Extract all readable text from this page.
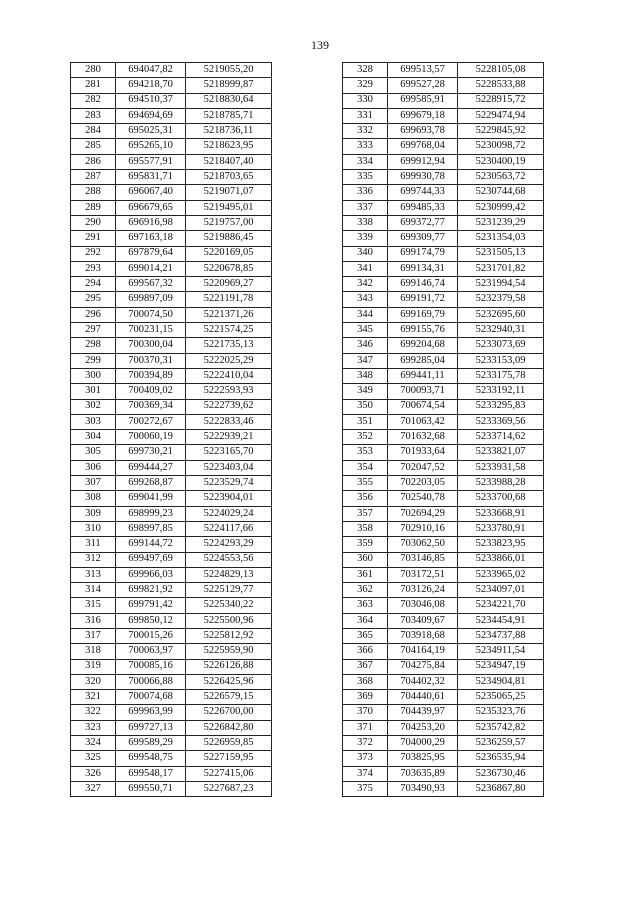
139
280	694047,82	5219055,20
281	694218,70	5218999,87
282	694510,37	5218830,64
283	694694,69	5218785,71
284	695025,31	5218736,11
285	695265,10	5218623,95
286	695577,91	5218407,40
287	695831,71	5218703,65
288	696067,40	5219071,07
289	696679,65	5219495,01
290	696916,98	5219757,00
291	697163,18	5219886,45
292	697879,64	5220169,05
293	699014,21	5220678,85
294	699567,32	5220969,27
295	699897,09	5221191,78
296	700074,50	5221371,26
297	700231,15	5221574,25
298	700300,04	5221735,13
299	700370,31	5222025,29
300	700394,89	5222410,04
301	700409,02	5222593,93
302	700369,34	5222739,62
303	700272,67	5222833,46
304	700060,19	5222939,21
305	699730,21	5223165,70
306	699444,27	5223403,04
307	699268,87	5223529,74
308	699041,99	5223904,01
309	698999,23	5224029,24
310	698997,85	5224117,66
311	699144,72	5224293,29
312	699497,69	5224553,56
313	699966,03	5224829,13
314	699821,92	5225129,77
315	699791,42	5225340,22
316	699850,12	5225500,96
317	700015,26	5225812,92
318	700063,97	5225959,90
319	700085,16	5226126,88
320	700066,88	5226425,96
321	700074,68	5226579,15
322	699963,99	5226700,00
323	699727,13	5226842,80
324	699589,29	5226959,85
325	699548,75	5227159,95
326	699548,17	5227415,06
327	699550,71	5227687,23
328	699513,57	5228105,08
329	699527,28	5228533,88
330	699585,91	5228915,72
331	699679,18	5229474,94
332	699693,78	5229845,92
333	699768,04	5230098,72
334	699912,94	5230400,19
335	699930,78	5230563,72
336	699744,33	5230744,68
337	699485,33	5230999,42
338	699372,77	5231239,29
339	699309,77	5231354,03
340	699174,79	5231505,13
341	699134,31	5231701,82
342	699146,74	5231994,54
343	699191,72	5232379,58
344	699169,79	5232695,60
345	699155,76	5232940,31
346	699204,68	5233073,69
347	699285,04	5233153,09
348	699441,11	5233175,78
349	700093,71	5233192,11
350	700674,54	5233295,83
351	701063,42	5233369,56
352	701632,68	5233714,62
353	701933,64	5233821,07
354	702047,52	5233931,58
355	702203,05	5233988,28
356	702540,78	5233700,68
357	702694,29	5233668,91
358	702910,16	5233780,91
359	703062,50	5233823,95
360	703146,85	5233866,01
361	703172,51	5233965,02
362	703126,24	5234097,01
363	703046,08	5234221,70
364	703409,67	5234454,91
365	703918,68	5234737,88
366	704164,19	5234911,54
367	704275,84	5234947,19
368	704402,32	5234904,81
369	704440,61	5235065,25
370	704439,97	5235323,76
371	704253,20	5235742,82
372	704000,29	5236259,57
373	703825,95	5236535,94
374	703635,89	5236730,46
375	703490,93	5236867,80
